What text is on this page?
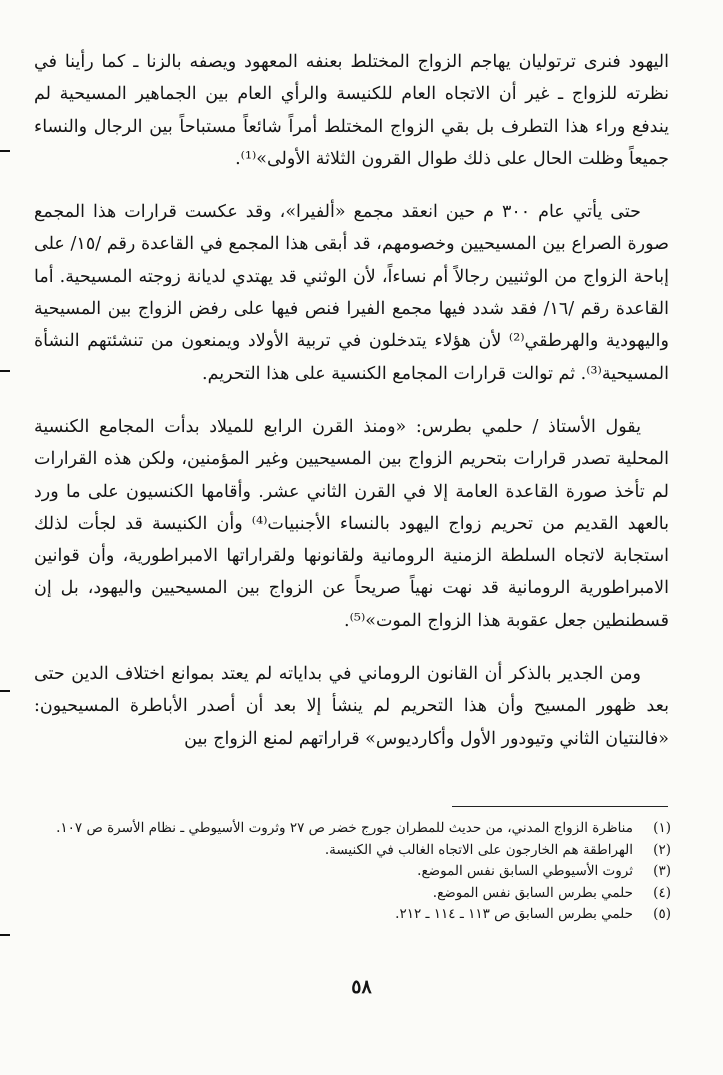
اليهود فنرى ترتوليان يهاجم الزواج المختلط بعنفه المعهود ويصفه بالزنا ـ كما رأينا في نظرته للزواج ـ غير أن الاتجاه العام للكنيسة والرأي العام بين الجماهير المسيحية لم يندفع وراء هذا التطرف بل بقي الزواج المختلط أمراً شائعاً مستباحاً بين الرجال والنساء جميعاً وظلت الحال على ذلك طوال القرون الثلاثة الأولى»⁽¹⁾.

حتى يأتي عام ٣٠٠ م حين انعقد مجمع «ألفيرا»، وقد عكست قرارات هذا المجمع صورة الصراع بين المسيحيين وخصومهم، قد أبقى هذا المجمع في القاعدة رقم /١٥/ على إباحة الزواج من الوثنيين رجالاً أم نساءاً، لأن الوثني قد يهتدي لديانة زوجته المسيحية. أما القاعدة رقم /١٦/ فقد شدد فيها مجمع الفيرا فنص فيها على رفض الزواج بين المسيحية واليهودية والهرطقي⁽²⁾ لأن هؤلاء يتدخلون في تربية الأولاد ويمنعون من تنشئتهم النشأة المسيحية⁽³⁾. ثم توالت قرارات المجامع الكنسية على هذا التحريم.

يقول الأستاذ / حلمي بطرس: «ومنذ القرن الرابع للميلاد بدأت المجامع الكنسية المحلية تصدر قرارات بتحريم الزواج بين المسيحيين وغير المؤمنين، ولكن هذه القرارات لم تأخذ صورة القاعدة العامة إلا في القرن الثاني عشر. وأقامها الكنسيون على ما ورد بالعهد القديم من تحريم زواج اليهود بالنساء الأجنبيات⁽⁴⁾ وأن الكنيسة قد لجأت لذلك استجابة لاتجاه السلطة الزمنية الرومانية ولقانونها ولقراراتها الامبراطورية، وأن قوانين الامبراطورية الرومانية قد نهت نهياً صريحاً عن الزواج بين المسيحيين واليهود، بل إن قسطنطين جعل عقوبة هذا الزواج الموت»⁽⁵⁾.

ومن الجدير بالذكر أن القانون الروماني في بداياته لم يعتد بموانع اختلاف الدين حتى بعد ظهور المسيح وأن هذا التحريم لم ينشأ إلا بعد أن أصدر الأباطرة المسيحيون: «فالنتيان الثاني وتيودور الأول وأكارديوس» قراراتهم لمنع الزواج بين

(١)
مناظرة الزواج المدني، من حديث للمطران جورج خضر ص ٢٧ وثروت الأسيوطي ـ نظام الأسرة ص ١٠٧.
(٢)
الهراطقة هم الخارجون على الاتجاه الغالب في الكنيسة.
(٣)
ثروت الأسيوطي السابق نفس الموضع.
(٤)
حلمي بطرس السابق نفس الموضع.
(٥)
حلمي بطرس السابق ص ١١٣ ـ ١١٤ ـ ٢١٢.
٥٨
